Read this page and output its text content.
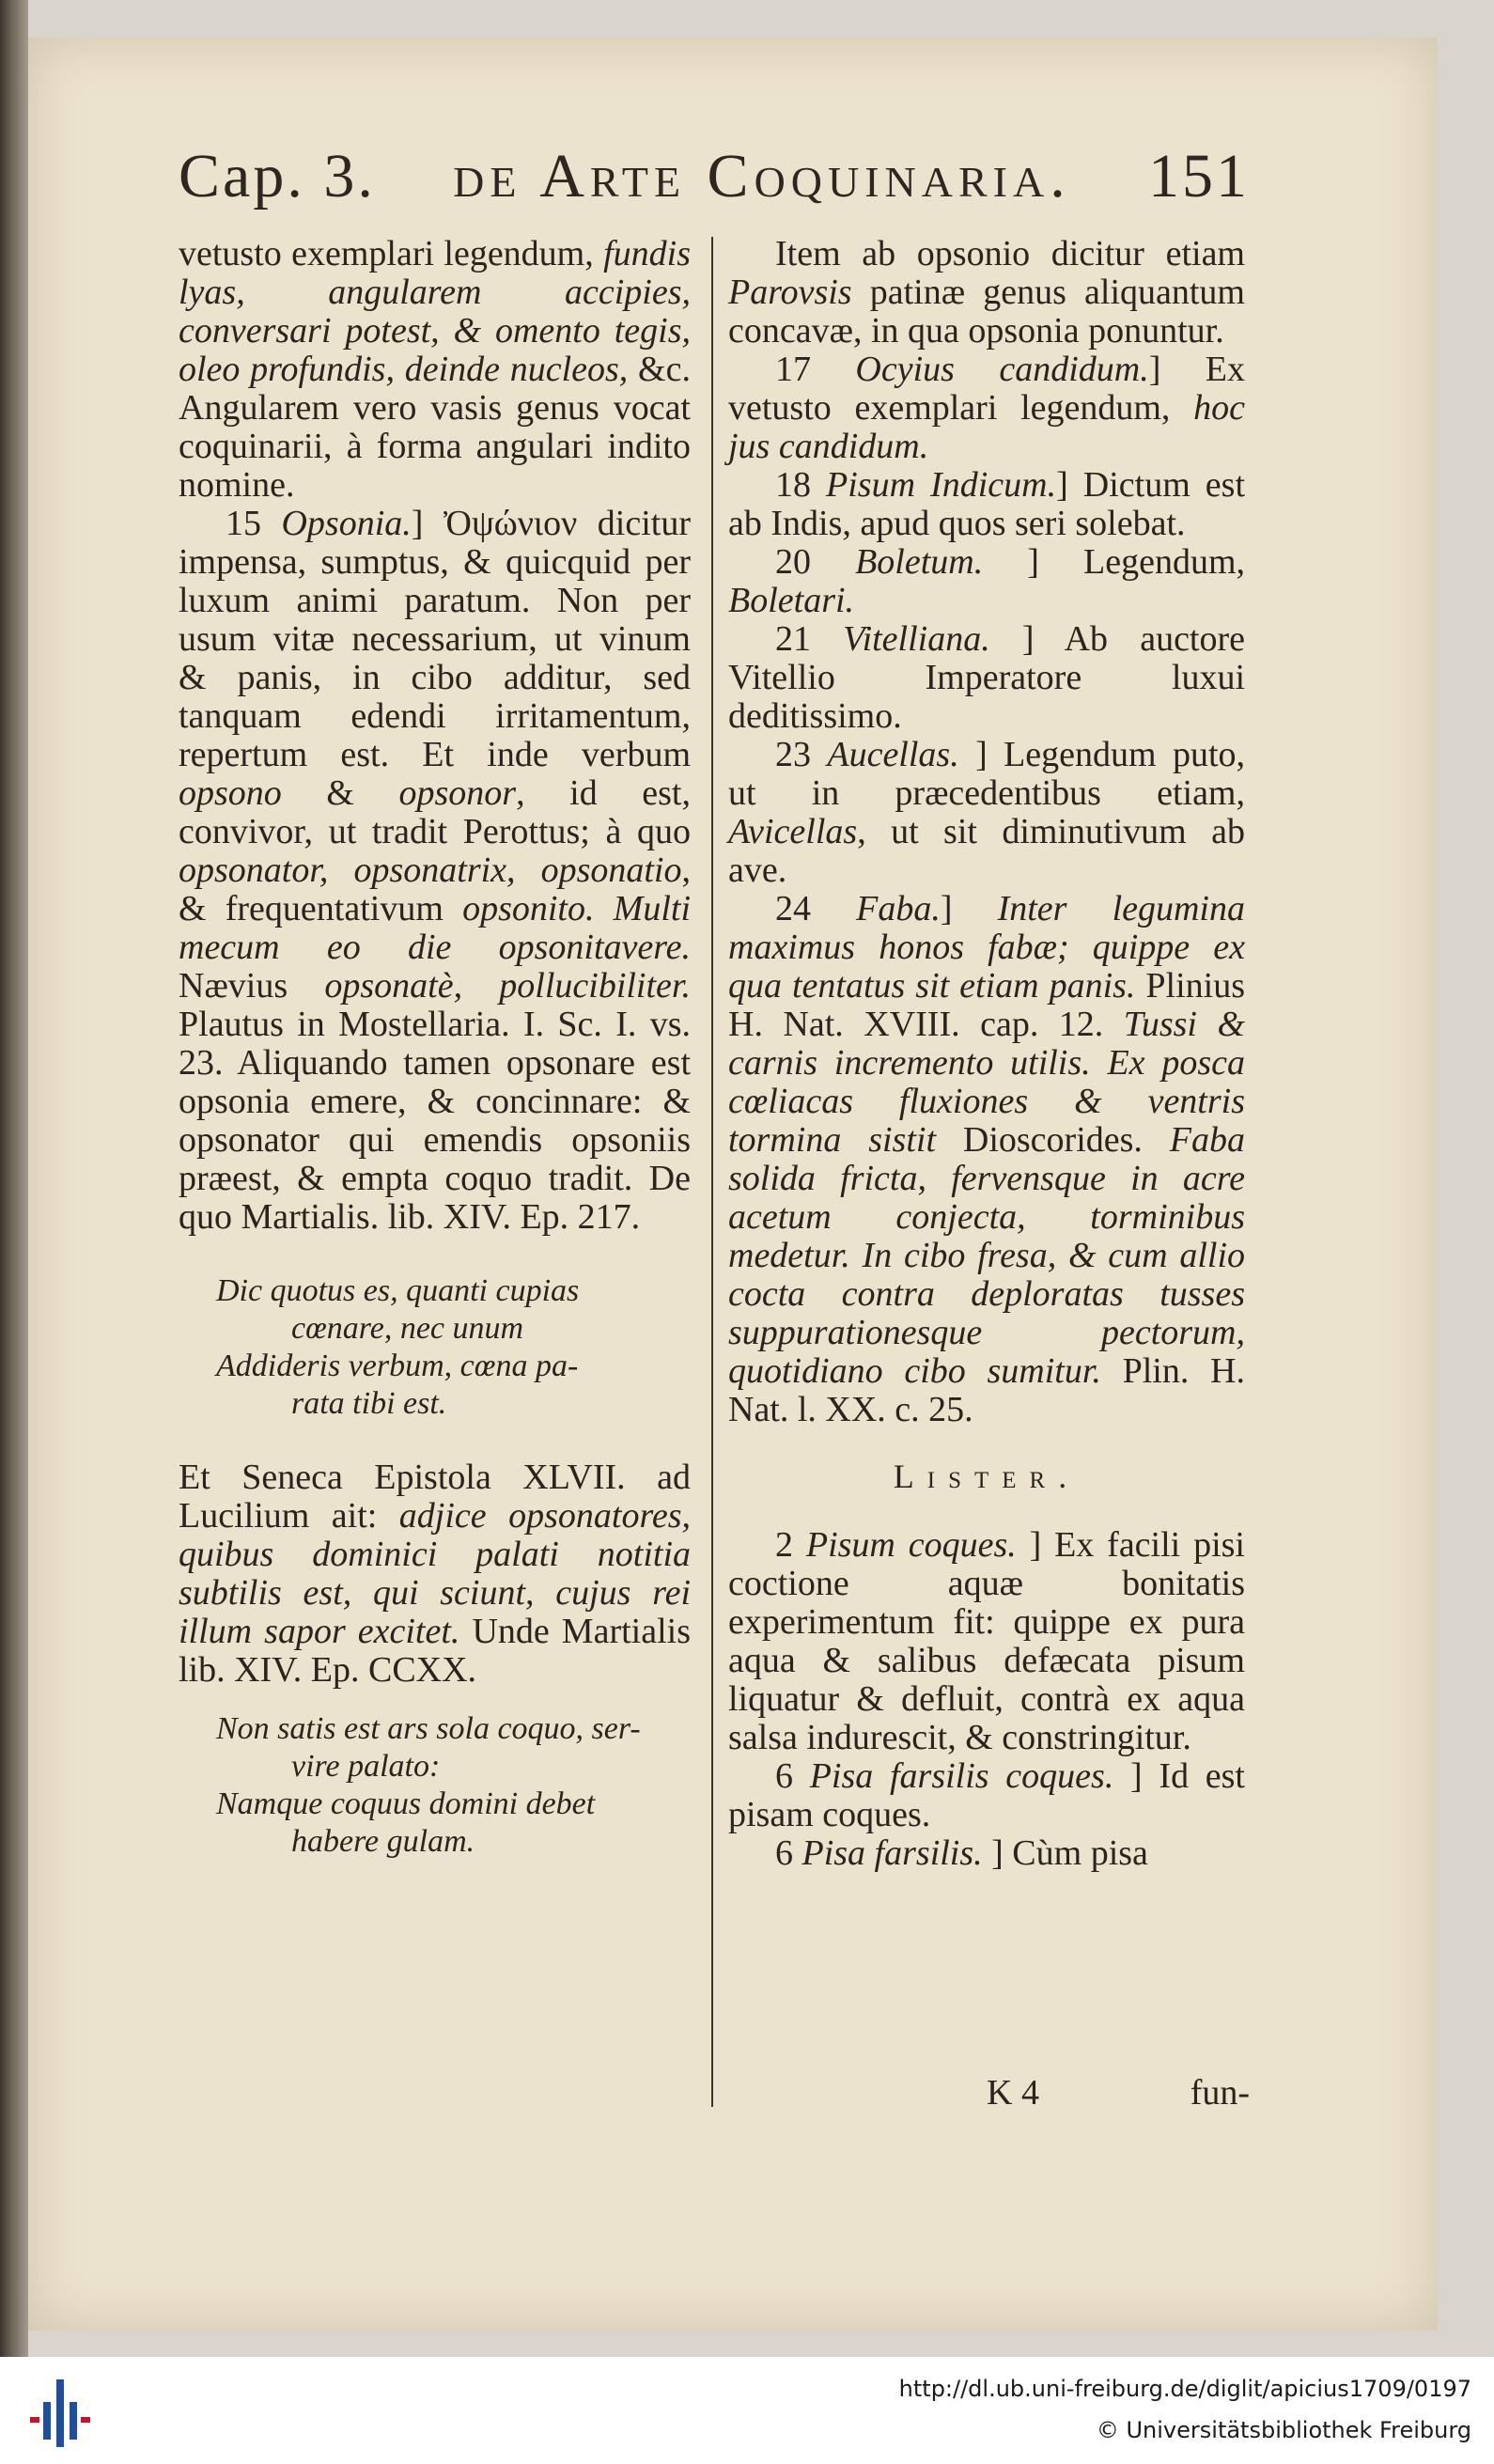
Cap. 3. de Arte Coquinaria. 151

vetusto exemplari legendum, fundis lyas, angularem accipies, conversari potest, & omento tegis, oleo profundis, deinde nucleos, &c. Angularem vero vasis genus vocat coquinarii, à forma angulari indito nomine.

15 Opsonia.] Ὀψώνιον dicitur impensa, sumptus, & quicquid per luxum animi paratum. Non per usum vitæ necessarium, ut vinum & panis, in cibo additur, sed tanquam edendi irritamentum, repertum est. Et inde verbum opsono & opsonor, id est, convivor, ut tradit Perottus; à quo opsonator, opsonatrix, opsonatio, & frequentativum opsonito. Multi mecum eo die opsonitavere. Nævius opsonatè, pollucibiliter. Plautus in Mostellaria. I. Sc. I. vs. 23. Aliquando tamen opsonare est opsonia emere, & concinnare: & opsonator qui emendis opsoniis præest, & empta coquo tradit. De quo Martialis. lib. XIV. Ep. 217.

Dic quotus es, quanti cupias
cœnare, nec unum
Addideris verbum, cœna pa-
rata tibi est.

Et Seneca Epistola XLVII. ad Lucilium ait: adjice opsonatores, quibus dominici palati notitia subtilis est, qui sciunt, cujus rei illum sapor excitet. Unde Martialis lib. XIV. Ep. CCXX.

Non satis est ars sola coquo, ser-
vire palato:
Namque coquus domini debet
habere gulam.

Item ab opsonio dicitur etiam Parovsis patinæ genus aliquantum concavæ, in qua opsonia ponuntur.

17 Ocyius candidum.] Ex vetusto exemplari legendum, hoc jus candidum.

18 Pisum Indicum.] Dictum est ab Indis, apud quos seri solebat.

20 Boletum. ] Legendum, Boletari.

21 Vitelliana. ] Ab auctore Vitellio Imperatore luxui deditissimo.

23 Aucellas. ] Legendum puto, ut in præcedentibus etiam, Avicellas, ut sit diminutivum ab ave.

24 Faba.] Inter legumina maximus honos fabæ; quippe ex qua tentatus sit etiam panis. Plinius H. Nat. XVIII. cap. 12. Tussi & carnis incremento utilis. Ex posca cœliacas fluxiones & ventris tormina sistit Dioscorides. Faba solida fricta, fervensque in acre acetum conjecta, torminibus medetur. In cibo fresa, & cum allio cocta contra deploratas tusses suppurationesque pectorum, quotidiano cibo sumitur. Plin. H. Nat. l. XX. c. 25.

Lister.

2 Pisum coques. ] Ex facili pisi coctione aquæ bonitatis experimentum fit: quippe ex pura aqua & salibus defæcata pisum liquatur & defluit, contrà ex aqua salsa indurescit, & constringitur.

6 Pisa farsilis coques. ] Id est pisam coques.

6 Pisa farsilis. ] Cùm pisa

K 4	fun-
http://dl.ub.uni-freiburg.de/diglit/apicius1709/0197
© Universitätsbibliothek Freiburg
